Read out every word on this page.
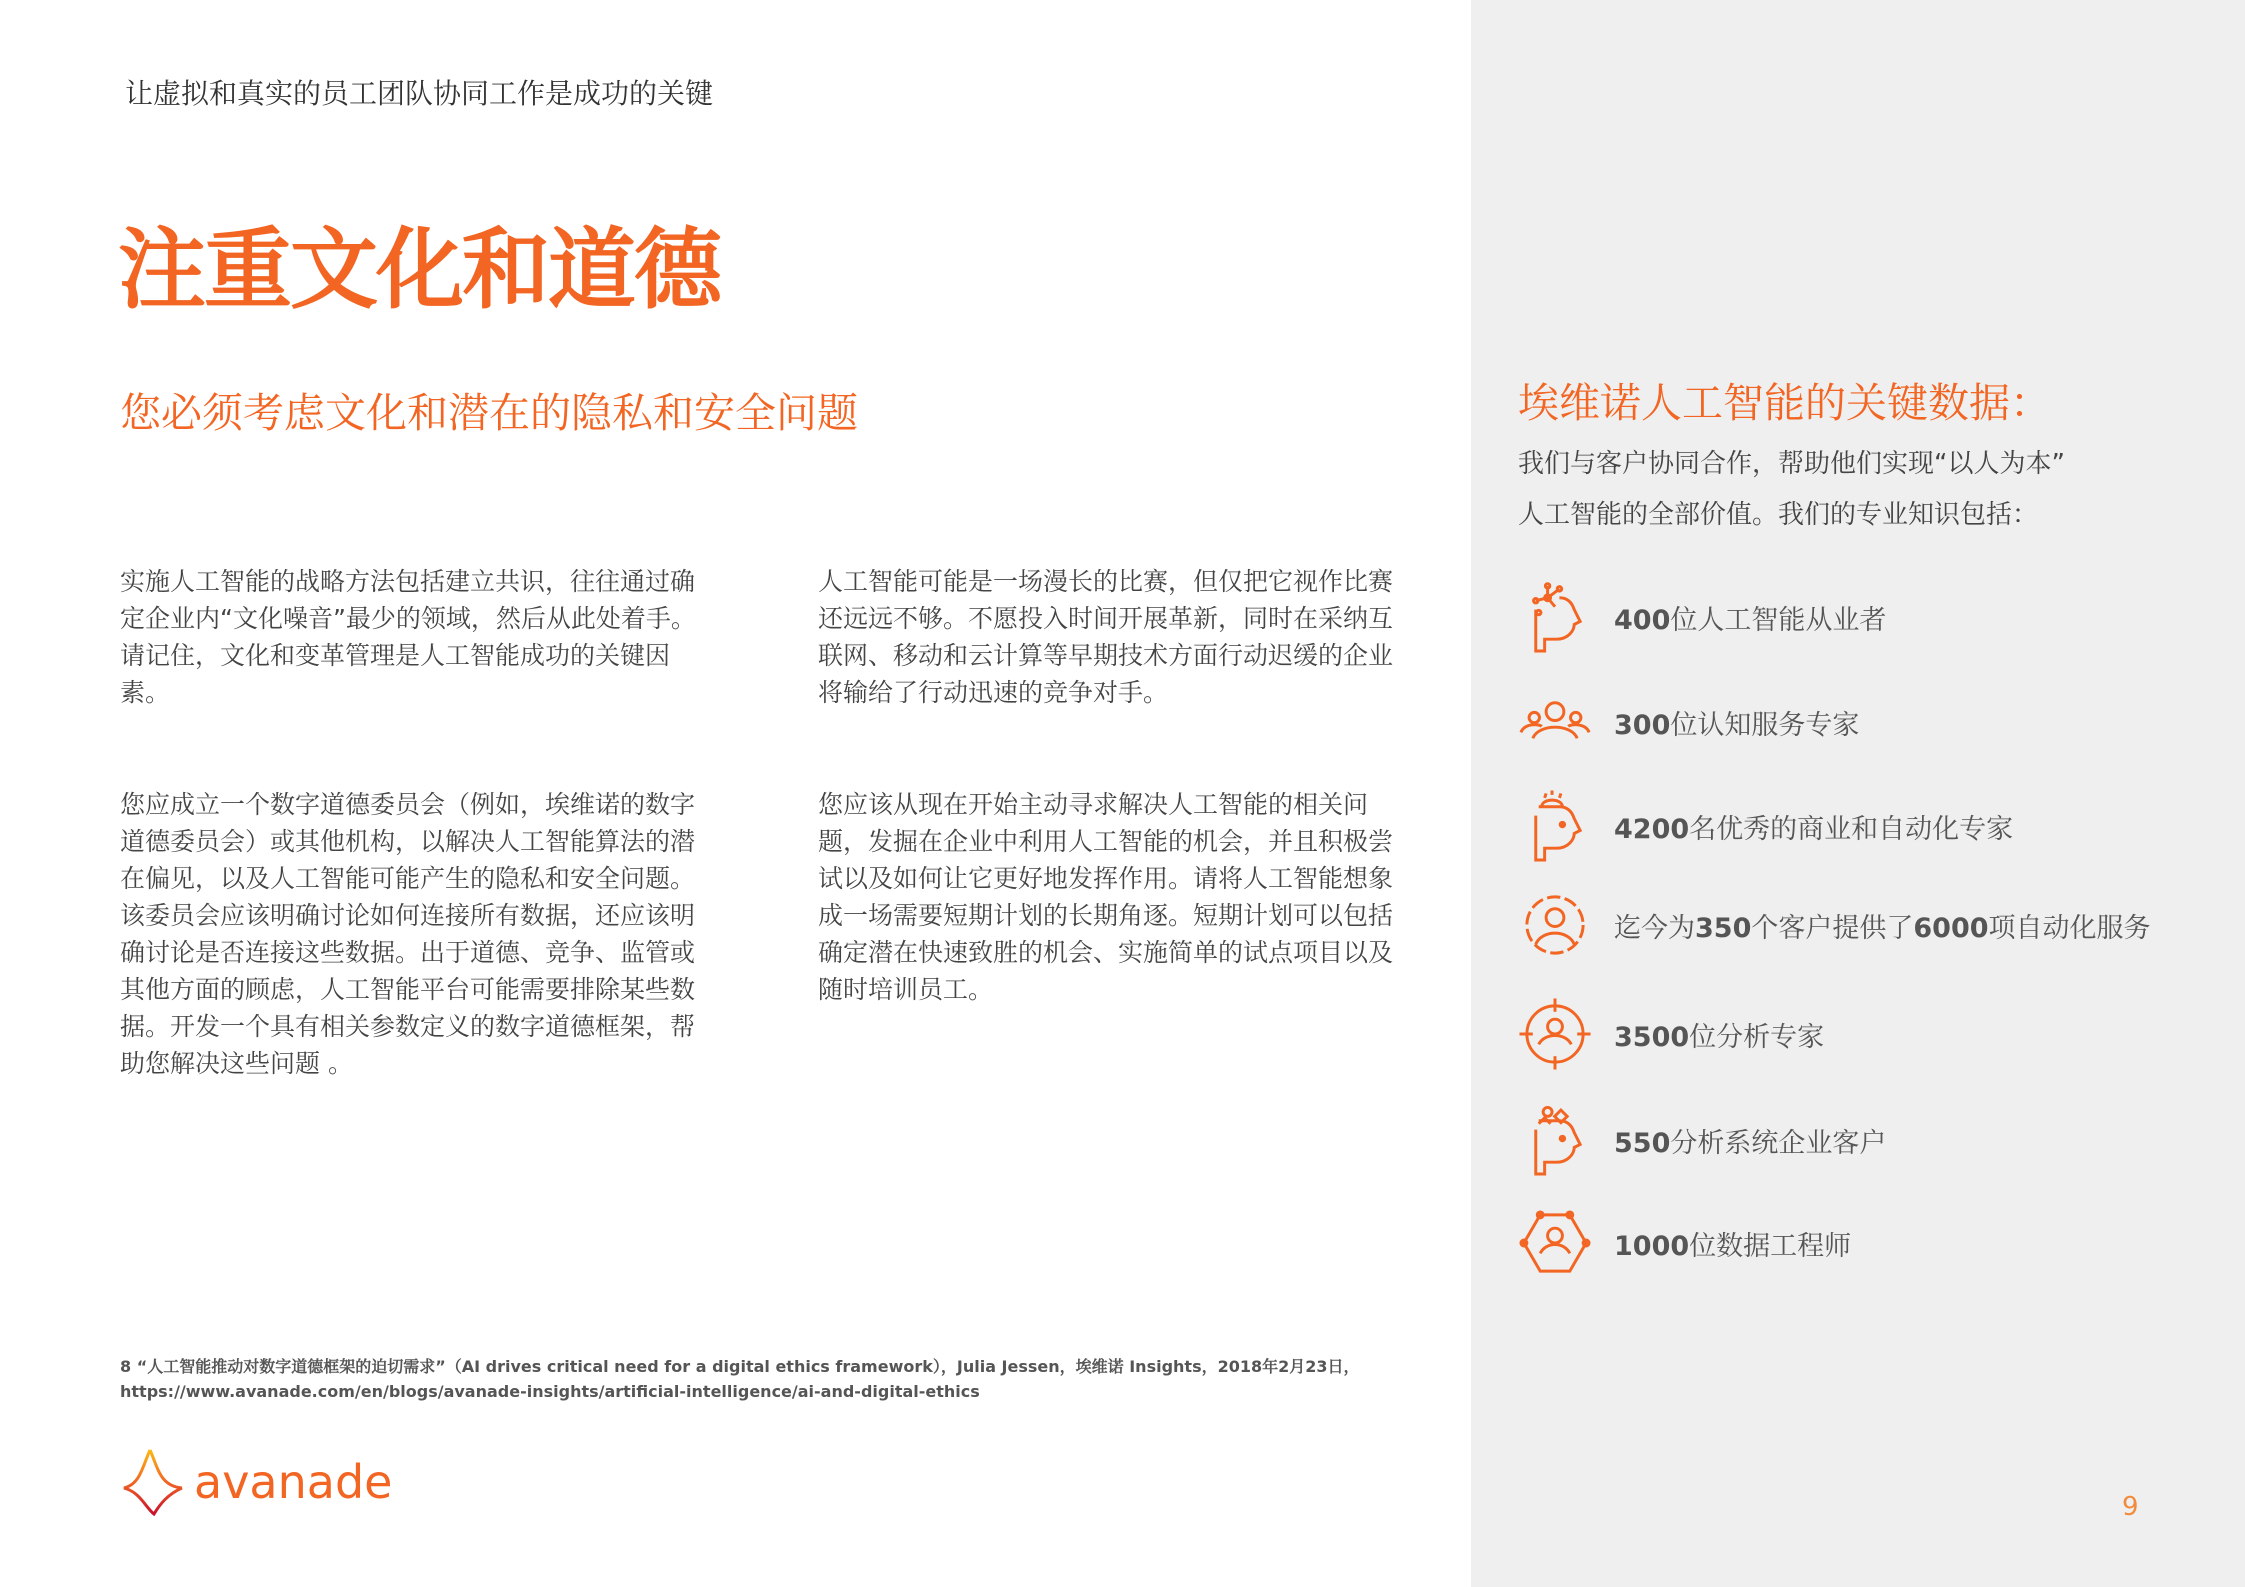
让虚拟和真实的员工团队协同工作是成功的关键
注重文化和道德
您必须考虑文化和潜在的隐私和安全问题
实施人工智能的战略方法包括建立共识，往往通过确定企业内“文化噪音”最少的领域，然后从此处着手。请记住，文化和变革管理是人工智能成功的关键因素。
您应成立一个数字道德委员会（例如，埃维诺的数字道德委员会）或其他机构，以解决人工智能算法的潜在偏见，以及人工智能可能产生的隐私和安全问题。该委员会应该明确讨论如何连接所有数据，还应该明确讨论是否连接这些数据。出于道德、竞争、监管或其他方面的顾虑，人工智能平台可能需要排除某些数据。开发一个具有相关参数定义的数字道德框架，帮助您解决这些问题 。
人工智能可能是一场漫长的比赛，但仅把它视作比赛还远远不够。不愿投入时间开展革新，同时在采纳互联网、移动和云计算等早期技术方面行动迟缓的企业将输给了行动迅速的竞争对手。
您应该从现在开始主动寻求解决人工智能的相关问题，发掘在企业中利用人工智能的机会，并且积极尝试以及如何让它更好地发挥作用。请将人工智能想象成一场需要短期计划的长期角逐。短期计划可以包括确定潜在快速致胜的机会、实施简单的试点项目以及随时培训员工。
8 “人工智能推动对数字道德框架的迫切需求”（AI drives critical need for a digital ethics framework），Julia Jessen，埃维诺 Insights，2018年2月23日，
https://www.avanade.com/en/blogs/avanade-insights/artificial-intelligence/ai-and-digital-ethics
avanade	9
埃维诺人工智能的关键数据：
我们与客户协同合作，帮助他们实现“以人为本”
人工智能的全部价值。我们的专业知识包括：
400位人工智能从业者
300位认知服务专家
4200名优秀的商业和自动化专家
迄今为350个客户提供了6000项自动化服务
3500位分析专家
550分析系统企业客户
1000位数据工程师
